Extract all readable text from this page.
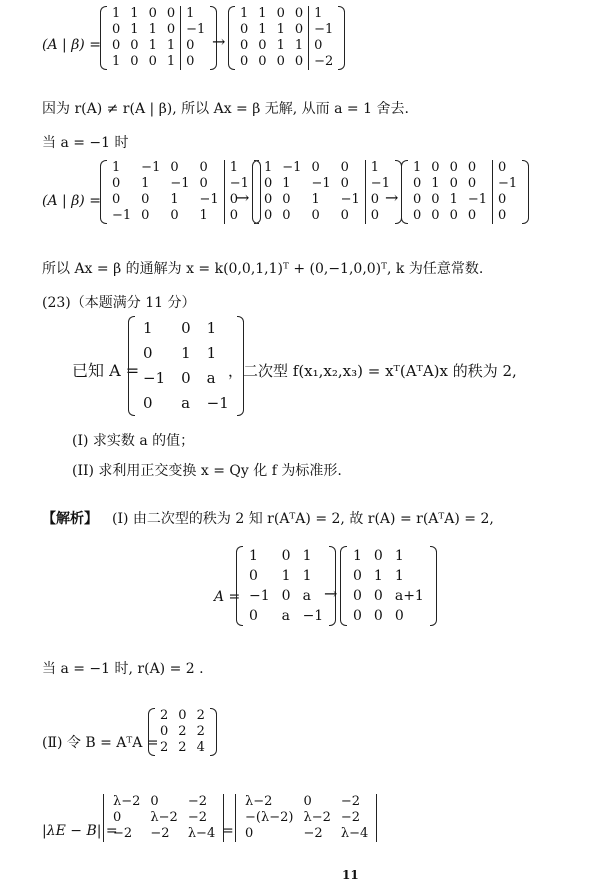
(A | β) =
1	1	0	0	1
0	1	1	0	−1
0	0	1	1	0
1	0	0	1	0
→
1	1	0	0	1
0	1	1	0	−1
0	0	1	1	0
0	0	0	0	−2
因为 r(A) ≠ r(A | β), 所以 Ax = β 无解, 从而 a = 1 舍去.
当 a = −1 时
(A | β) =
1	−1	0	0	1
0	1	−1	0	−1
0	0	1	−1	0
−1	0	0	1	0
→
1	−1	0	0	1
0	1	−1	0	−1
0	0	1	−1	0
0	0	0	0	0
→
1	0	0	0	0
0	1	0	0	−1
0	0	1	−1	0
0	0	0	0	0
所以 Ax = β 的通解为 x = k(0,0,1,1)ᵀ + (0,−1,0,0)ᵀ, k 为任意常数.
(23)（本题满分 11 分）
已知 A =
1	0	1
0	1	1
−1	0	a
0	a	−1
，二次型 f(x₁,x₂,x₃) = xᵀ(AᵀA)x 的秩为 2,
(I) 求实数 a 的值；
(II) 求利用正交变换 x = Qy 化 f 为标准形.
【解析】 (Ⅰ) 由二次型的秩为 2 知 r(AᵀA) = 2, 故 r(A) = r(AᵀA) = 2,
A =
1	0	1
0	1	1
−1	0	a
0	a	−1
→
1	0	1
0	1	1
0	0	a+1
0	0	0
当 a = −1 时, r(A) = 2 .
(Ⅱ) 令 B = AᵀA =
2	0	2
0	2	2
2	2	4
|λE − B| =
λ−2	0	−2
0	λ−2	−2
−2	−2	λ−4 =
λ−2	0	−2
−(λ−2)	λ−2	−2
0	−2	λ−4
11
